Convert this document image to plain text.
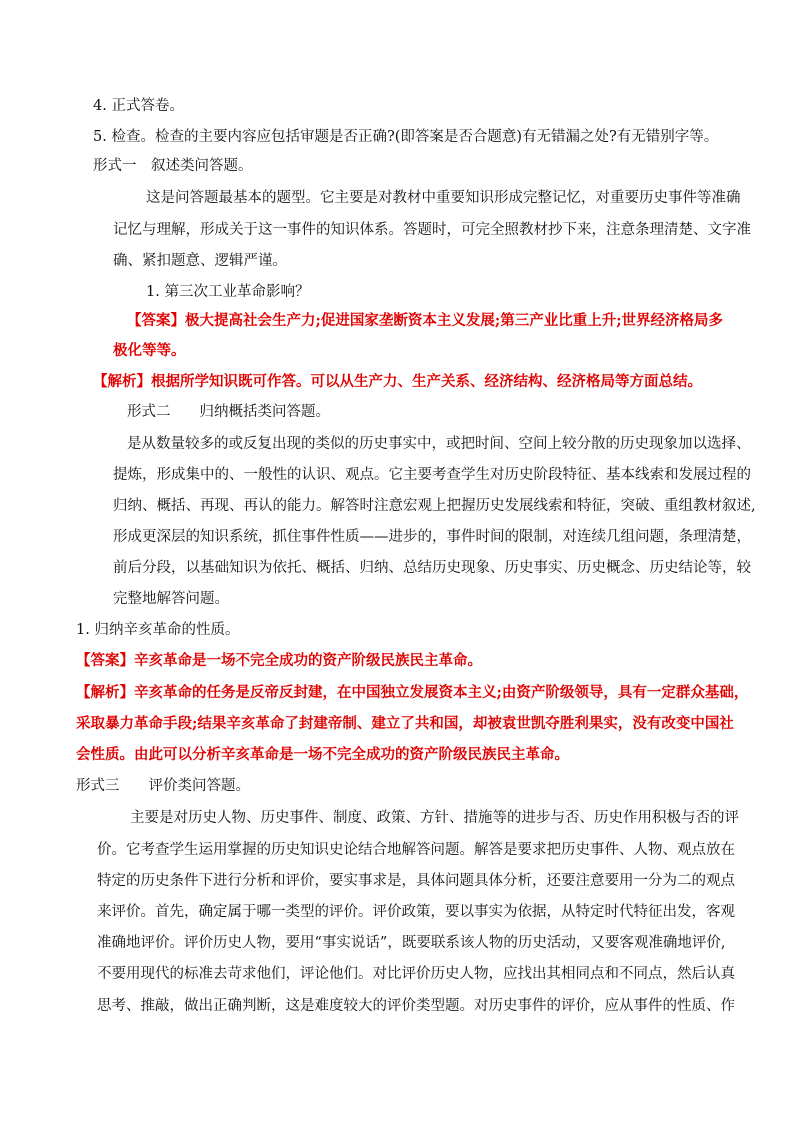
4. 正式答卷。
5. 检查。检查的主要内容应包括审题是否正确?(即答案是否合题意)有无错漏之处?有无错别字等。
形式一　叙述类问答题。
这是问答题最基本的题型。它主要是对教材中重要知识形成完整记忆，对重要历史事件等准确
记忆与理解，形成关于这一事件的知识体系。答题时，可完全照教材抄下来，注意条理清楚、文字准
确、紧扣题意、逻辑严谨。
1. 第三次工业革命影响？
【答案】极大提高社会生产力;促进国家垄断资本主义发展;第三产业比重上升;世界经济格局多
极化等等。
【解析】根据所学知识既可作答。可以从生产力、生产关系、经济结构、经济格局等方面总结。
形式二　　归纳概括类问答题。
是从数量较多的或反复出现的类似的历史事实中，或把时间、空间上较分散的历史现象加以选择、
提炼，形成集中的、一般性的认识、观点。它主要考查学生对历史阶段特征、基本线索和发展过程的
归纳、概括、再现、再认的能力。解答时注意宏观上把握历史发展线索和特征，突破、重组教材叙述,
形成更深层的知识系统，抓住事件性质——进步的，事件时间的限制，对连续几组问题，条理清楚，
前后分段，以基础知识为依托、概括、归纳、总结历史现象、历史事实、历史概念、历史结论等，较
完整地解答问题。
1. 归纳辛亥革命的性质。
【答案】辛亥革命是一场不完全成功的资产阶级民族民主革命。
【解析】辛亥革命的任务是反帝反封建，在中国独立发展资本主义;由资产阶级领导，具有一定群众基础，
采取暴力革命手段;结果辛亥革命了封建帝制、建立了共和国，却被袁世凯夺胜利果实，没有改变中国社
会性质。由此可以分析辛亥革命是一场不完全成功的资产阶级民族民主革命。
形式三　　评价类问答题。
主要是对历史人物、历史事件、制度、政策、方针、措施等的进步与否、历史作用积极与否的评
价。它考查学生运用掌握的历史知识史论结合地解答问题。解答是要求把历史事件、人物、观点放在
特定的历史条件下进行分析和评价，要实事求是，具体问题具体分析，还要注意要用一分为二的观点
来评价。首先，确定属于哪一类型的评价。评价政策，要以事实为依据，从特定时代特征出发，客观
准确地评价。评价历史人物，要用“事实说话”，既要联系该人物的历史活动，又要客观准确地评价,
不要用现代的标准去苛求他们，评论他们。对比评价历史人物，应找出其相同点和不同点，然后认真
思考、推敲，做出正确判断，这是难度较大的评价类型题。对历史事件的评价，应从事件的性质、作
